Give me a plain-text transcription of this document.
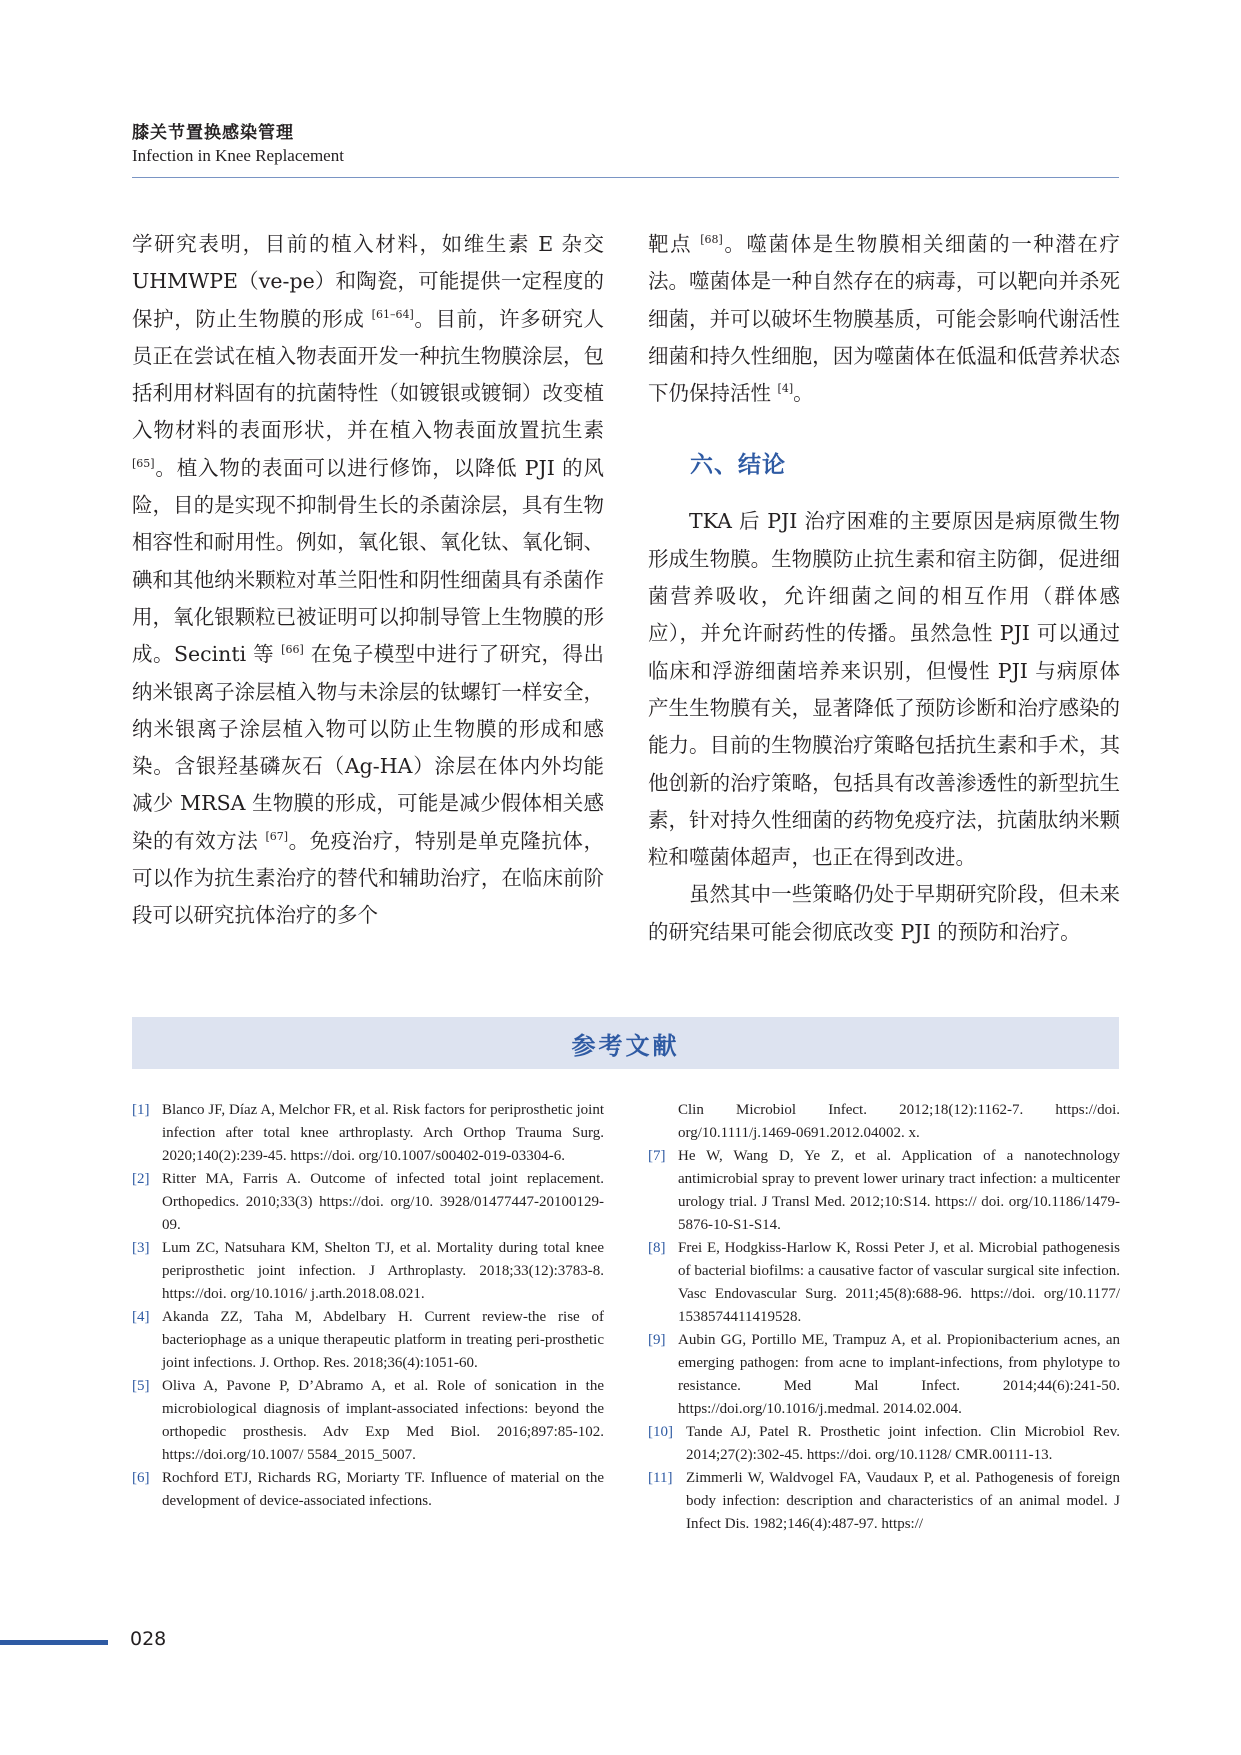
膝关节置换感染管理
Infection in Knee Replacement

学研究表明，目前的植入材料，如维生素 E 杂交 UHMWPE（ve-pe）和陶瓷，可能提供一定程度的保护，防止生物膜的形成 [61–64]。目前，许多研究人员正在尝试在植入物表面开发一种抗生物膜涂层，包括利用材料固有的抗菌特性（如镀银或镀铜）改变植入物材料的表面形状，并在植入物表面放置抗生素 [65]。植入物的表面可以进行修饰，以降低 PJI 的风险，目的是实现不抑制骨生长的杀菌涂层，具有生物相容性和耐用性。例如，氧化银、氧化钛、氧化铜、碘和其他纳米颗粒对革兰阳性和阴性细菌具有杀菌作用，氧化银颗粒已被证明可以抑制导管上生物膜的形成。Secinti 等 [66] 在兔子模型中进行了研究，得出纳米银离子涂层植入物与未涂层的钛螺钉一样安全，纳米银离子涂层植入物可以防止生物膜的形成和感染。含银羟基磷灰石（Ag-HA）涂层在体内外均能减少 MRSA 生物膜的形成，可能是减少假体相关感染的有效方法 [67]。免疫治疗，特别是单克隆抗体，可以作为抗生素治疗的替代和辅助治疗，在临床前阶段可以研究抗体治疗的多个

靶点 [68]。噬菌体是生物膜相关细菌的一种潜在疗法。噬菌体是一种自然存在的病毒，可以靶向并杀死细菌，并可以破坏生物膜基质，可能会影响代谢活性细菌和持久性细胞，因为噬菌体在低温和低营养状态下仍保持活性 [4]。

六、结论

TKA 后 PJI 治疗困难的主要原因是病原微生物形成生物膜。生物膜防止抗生素和宿主防御，促进细菌营养吸收，允许细菌之间的相互作用（群体感应），并允许耐药性的传播。虽然急性 PJI 可以通过临床和浮游细菌培养来识别，但慢性 PJI 与病原体产生生物膜有关，显著降低了预防诊断和治疗感染的能力。目前的生物膜治疗策略包括抗生素和手术，其他创新的治疗策略，包括具有改善渗透性的新型抗生素，针对持久性细菌的药物免疫疗法，抗菌肽纳米颗粒和噬菌体超声，也正在得到改进。

虽然其中一些策略仍处于早期研究阶段，但未来的研究结果可能会彻底改变 PJI 的预防和治疗。

参考文献
[1] Blanco JF, Díaz A, Melchor FR, et al. Risk factors for periprosthetic joint infection after total knee arthroplasty. Arch Orthop Trauma Surg. 2020;140(2):239-45. https://doi. org/10.1007/s00402-019-03304-6.
[2] Ritter MA, Farris A. Outcome of infected total joint replacement. Orthopedics. 2010;33(3) https://doi. org/10. 3928/01477447-20100129-09.
[3] Lum ZC, Natsuhara KM, Shelton TJ, et al. Mortality during total knee periprosthetic joint infection. J Arthroplasty. 2018;33(12):3783-8. https://doi. org/10.1016/ j.arth.2018.08.021.
[4] Akanda ZZ, Taha M, Abdelbary H. Current review-the rise of bacteriophage as a unique therapeutic platform in treating peri-prosthetic joint infections. J. Orthop. Res. 2018;36(4):1051-60.
[5] Oliva A, Pavone P, D’Abramo A, et al. Role of sonication in the microbiological diagnosis of implant-associated infections: beyond the orthopedic prosthesis. Adv Exp Med Biol. 2016;897:85-102. https://doi.org/10.1007/ 5584_2015_5007.
[6] Rochford ETJ, Richards RG, Moriarty TF. Influence of material on the development of device-associated infections.
Clin Microbiol Infect. 2012;18(12):1162-7. https://doi. org/10.1111/j.1469-0691.2012.04002. x.
[7] He W, Wang D, Ye Z, et al. Application of a nanotechnology antimicrobial spray to prevent lower urinary tract infection: a multicenter urology trial. J Transl Med. 2012;10:S14. https:// doi. org/10.1186/1479-5876-10-S1-S14.
[8] Frei E, Hodgkiss-Harlow K, Rossi Peter J, et al. Microbial pathogenesis of bacterial biofilms: a causative factor of vascular surgical site infection. Vasc Endovascular Surg. 2011;45(8):688-96. https://doi. org/10.1177/ 1538574411419528.
[9] Aubin GG, Portillo ME, Trampuz A, et al. Propionibacterium acnes, an emerging pathogen: from acne to implant-infections, from phylotype to resistance. Med Mal Infect. 2014;44(6):241-50. https://doi.org/10.1016/j.medmal. 2014.02.004.
[10] Tande AJ, Patel R. Prosthetic joint infection. Clin Microbiol Rev. 2014;27(2):302-45. https://doi. org/10.1128/ CMR.00111-13.
[11] Zimmerli W, Waldvogel FA, Vaudaux P, et al. Pathogenesis of foreign body infection: description and characteristics of an animal model. J Infect Dis. 1982;146(4):487-97. https://
028
